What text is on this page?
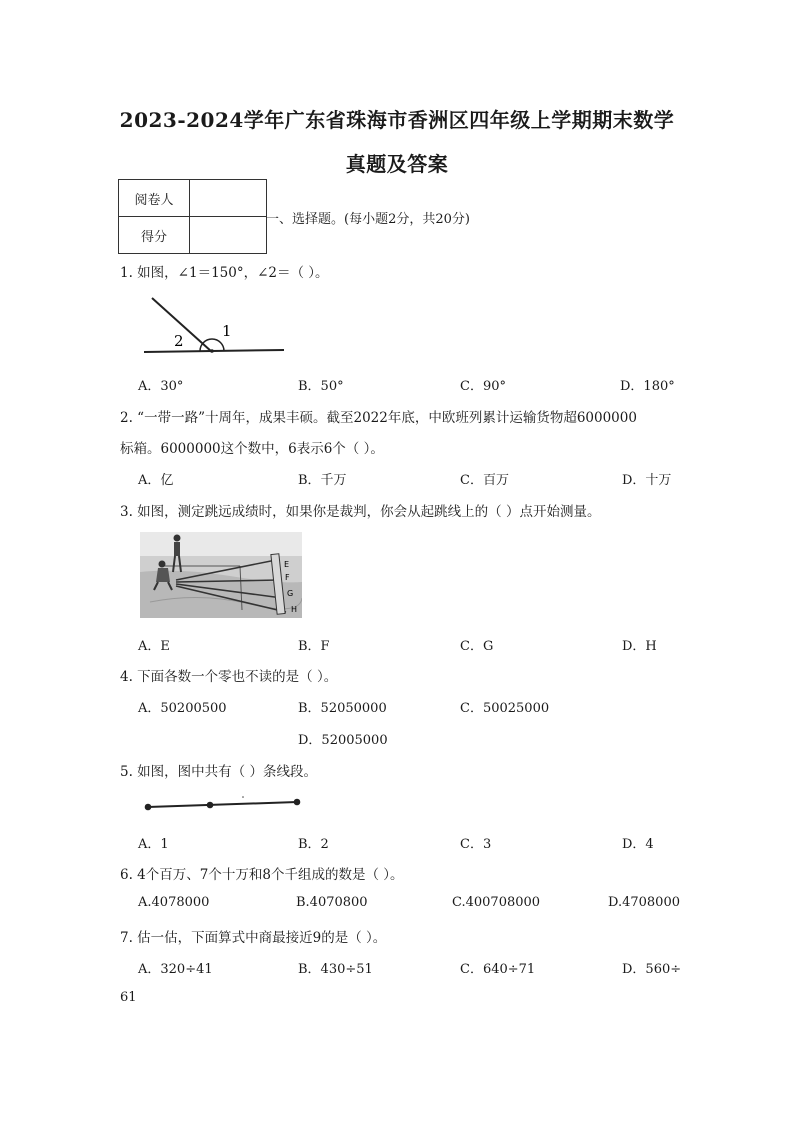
2023-2024学年广东省珠海市香洲区四年级上学期期末数学
真题及答案
阅卷人	
得分	
一、选择题。(每小题2分，共20分)
1. 如图，∠1＝150°，∠2＝（ ）。
2
1
A．30°	B．50°	C．90°	D．180°
2. “一带一路”十周年，成果丰硕。截至2022年底，中欧班列累计运输货物超6000000
标箱。6000000这个数中，6表示6个（ ）。
A．亿	B．千万	C．百万	D．十万
3. 如图，测定跳远成绩时，如果你是裁判，你会从起跳线上的（ ）点开始测量。
E
F
G
H
A．E	B．F	C．G	D．H
4. 下面各数一个零也不读的是（ ）。
A．50200500	B．52050000	C．50025000
D．52005000
5. 如图，图中共有（ ）条线段。
A．1	B．2	C．3	D．4
6. 4个百万、7个十万和8个千组成的数是（ ）。
A.4078000	B.4070800	C.400708000	D.4708000
7. 估一估，下面算式中商最接近9的是（ ）。
A．320÷41	B．430÷51	C．640÷71	D．560÷
61
